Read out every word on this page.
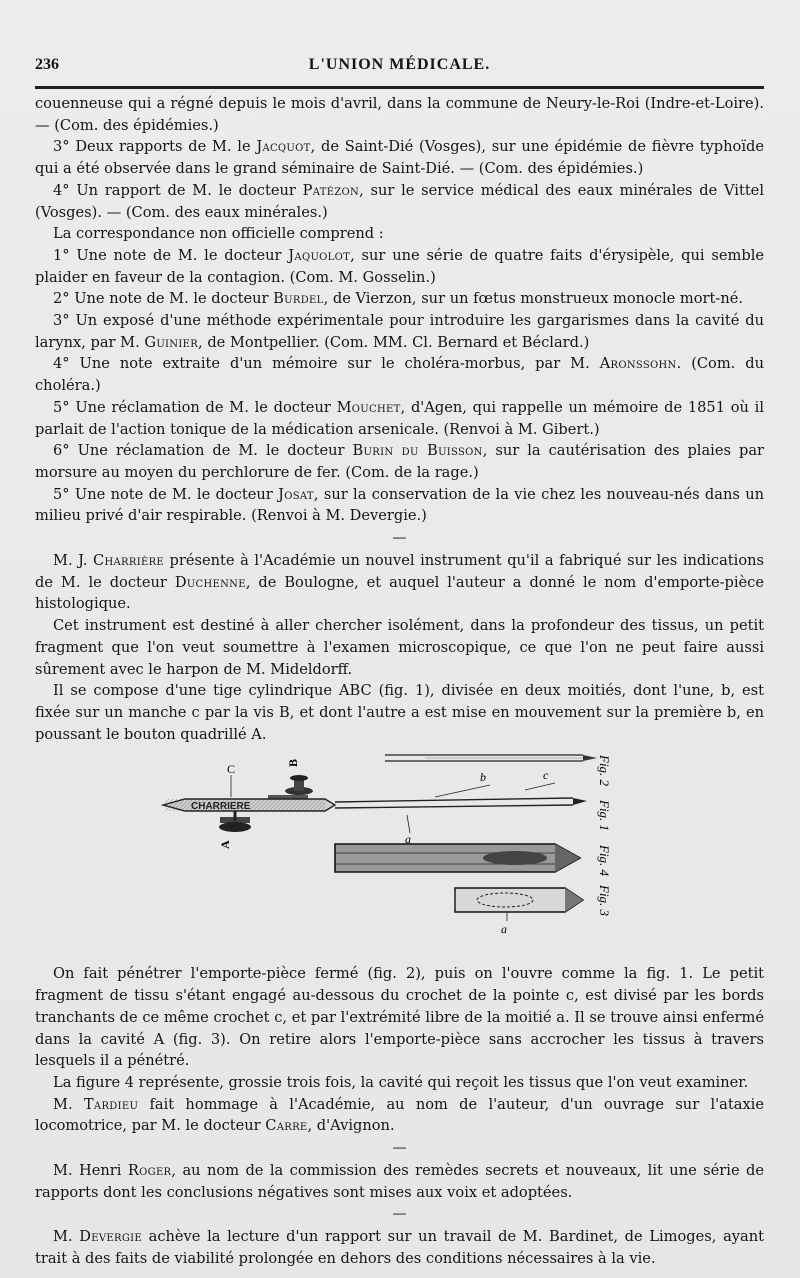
236	L'UNION MÉDICALE.

couenneuse qui a régné depuis le mois d'avril, dans la commune de Neury-le-Roi (Indre-et-Loire). — (Com. des épidémies.)

3° Deux rapports de M. le Jacquot, de Saint-Dié (Vosges), sur une épidémie de fièvre typhoïde qui a été observée dans le grand séminaire de Saint-Dié. — (Com. des épidémies.)

4° Un rapport de M. le docteur Patézon, sur le service médical des eaux minérales de Vittel (Vosges). — (Com. des eaux minérales.)

La correspondance non officielle comprend :

1° Une note de M. le docteur Jaquolot, sur une série de quatre faits d'érysipèle, qui semble plaider en faveur de la contagion. (Com. M. Gosselin.)

2° Une note de M. le docteur Burdel, de Vierzon, sur un fœtus monstrueux monocle mort-né.

3° Un exposé d'une méthode expérimentale pour introduire les gargarismes dans la cavité du larynx, par M. Guinier, de Montpellier. (Com. MM. Cl. Bernard et Béclard.)

4° Une note extraite d'un mémoire sur le choléra-morbus, par M. Aronssohn. (Com. du choléra.)

5° Une réclamation de M. le docteur Mouchet, d'Agen, qui rappelle un mémoire de 1851 où il parlait de l'action tonique de la médication arsenicale. (Renvoi à M. Gibert.)

6° Une réclamation de M. le docteur Burin du Buisson, sur la cautérisation des plaies par morsure au moyen du perchlorure de fer. (Com. de la rage.)

5° Une note de M. le docteur Josat, sur la conservation de la vie chez les nouveau-nés dans un milieu privé d'air respirable. (Renvoi à M. Devergie.)

—

M. J. Charrière présente à l'Académie un nouvel instrument qu'il a fabriqué sur les indications de M. le docteur Duchenne, de Boulogne, et auquel l'auteur a donné le nom d'emporte-pièce histologique.

Cet instrument est destiné à aller chercher isolément, dans la profondeur des tissus, un petit fragment que l'on veut soumettre à l'examen microscopique, ce que l'on ne peut faire aussi sûrement avec le harpon de M. Mideldorff.

Il se compose d'une tige cylindrique ABC (fig. 1), divisée en deux moitiés, dont l'une, b, est fixée sur un manche c par la vis B, et dont l'autre a est mise en mouvement sur la première b, en poussant le bouton quadrillé A.

B
C
b	c
a
A
a
CHARRIERE
Fig. 2
Fig. 1
Fig. 4
Fig. 3

On fait pénétrer l'emporte-pièce fermé (fig. 2), puis on l'ouvre comme la fig. 1. Le petit fragment de tissu s'étant engagé au-dessous du crochet de la pointe c, est divisé par les bords tranchants de ce même crochet c, et par l'extrémité libre de la moitié a. Il se trouve ainsi enfermé dans la cavité A (fig. 3). On retire alors l'emporte-pièce sans accrocher les tissus à travers lesquels il a pénétré.

La figure 4 représente, grossie trois fois, la cavité qui reçoit les tissus que l'on veut examiner.

M. Tardieu fait hommage à l'Académie, au nom de l'auteur, d'un ouvrage sur l'ataxie locomotrice, par M. le docteur Carre, d'Avignon.

—

M. Henri Roger, au nom de la commission des remèdes secrets et nouveaux, lit une série de rapports dont les conclusions négatives sont mises aux voix et adoptées.

—

M. Devergie achève la lecture d'un rapport sur un travail de M. Bardinet, de Limoges, ayant trait à des faits de viabilité prolongée en dehors des conditions nécessaires à la vie.
